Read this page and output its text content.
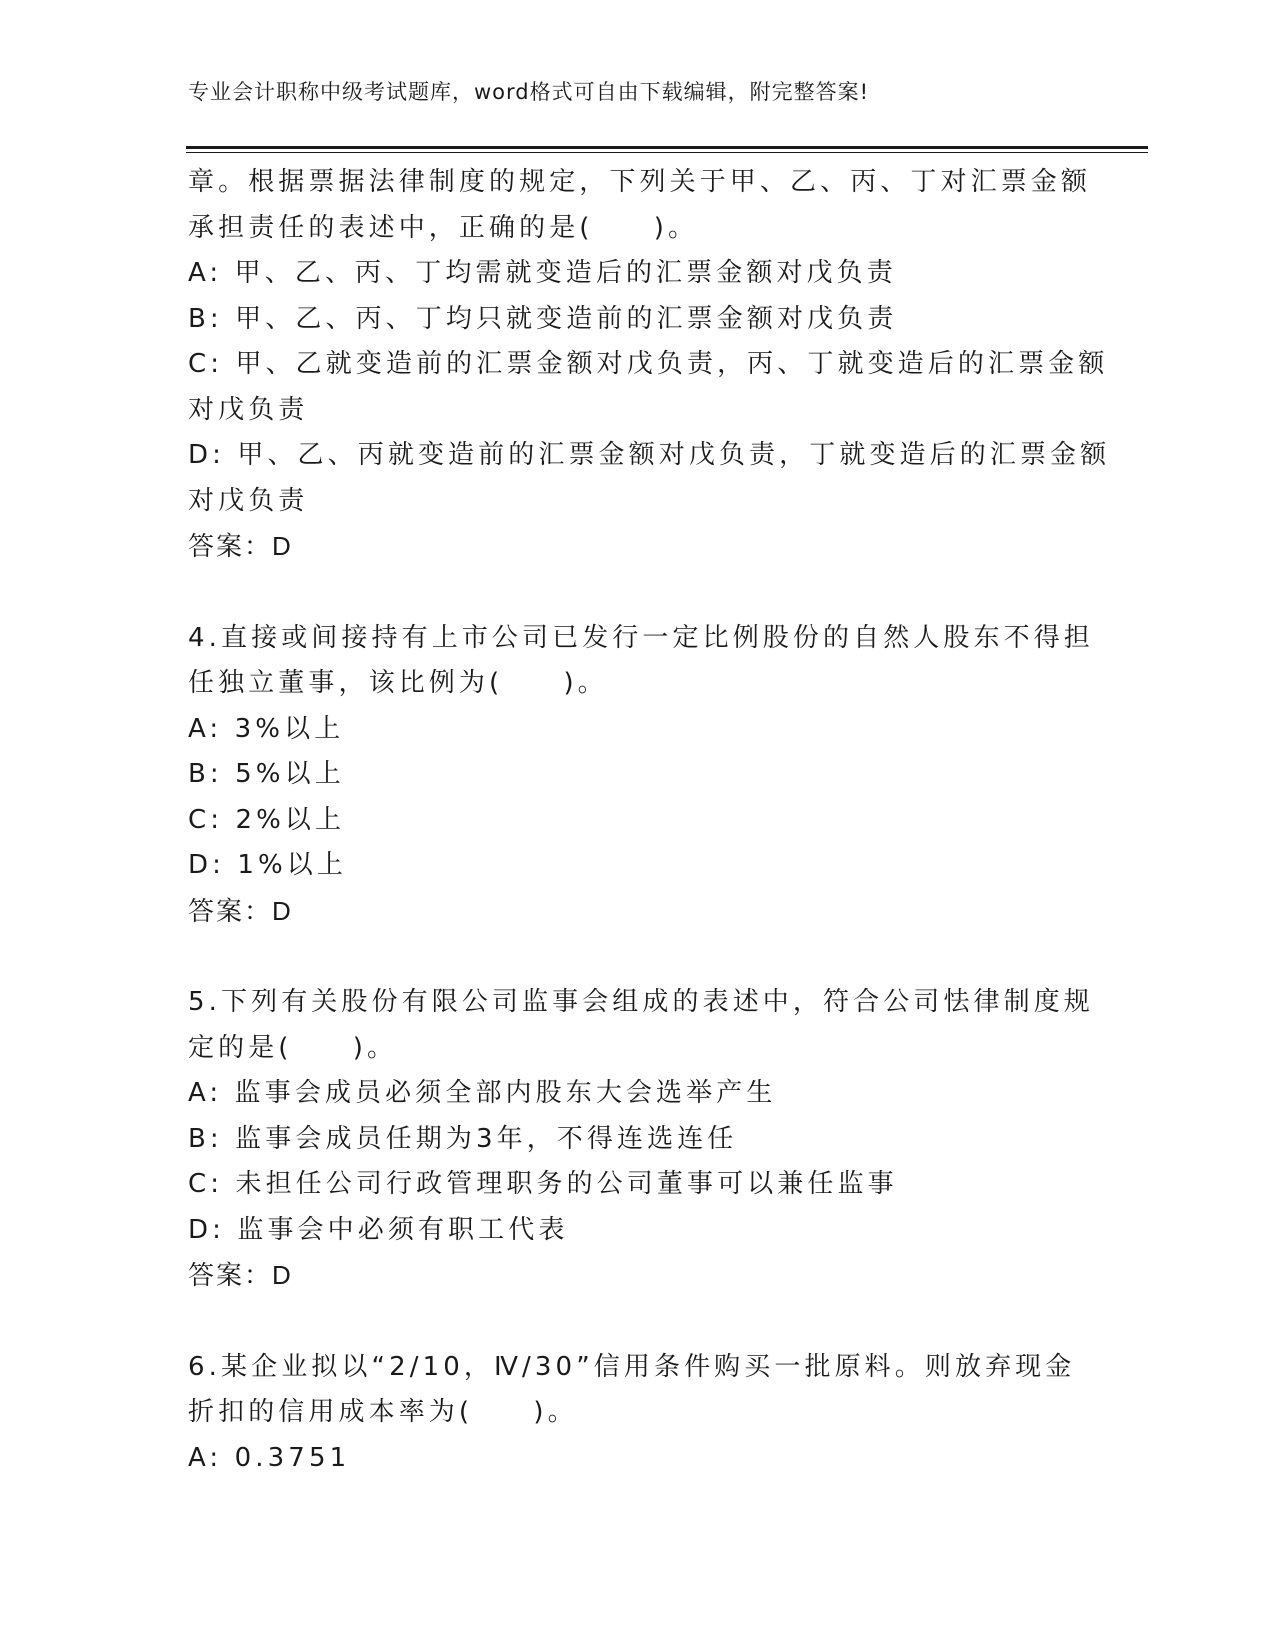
专业会计职称中级考试题库，word格式可自由下载编辑，附完整答案!
章。根据票据法律制度的规定，下列关于甲、乙、丙、丁对汇票金额
承担责任的表述中，正确的是(　　)。
A: 甲、乙、丙、丁均需就变造后的汇票金额对戊负责
B: 甲、乙、丙、丁均只就变造前的汇票金额对戊负责
C: 甲、乙就变造前的汇票金额对戊负责，丙、丁就变造后的汇票金额
对戊负责
D: 甲、乙、丙就变造前的汇票金额对戊负责，丁就变造后的汇票金额
对戊负责
答案：D
4.直接或间接持有上市公司已发行一定比例股份的自然人股东不得担
任独立董事，该比例为(　　)。
A: 3%以上
B: 5%以上
C: 2%以上
D: 1%以上
答案：D
5.下列有关股份有限公司监事会组成的表述中，符合公司怯律制度规
定的是(　　)。
A: 监事会成员必须全部内股东大会选举产生
B: 监事会成员任期为3年，不得连选连任
C: 未担任公司行政管理职务的公司董事可以兼任监事
D: 监事会中必须有职工代表
答案：D
6.某企业拟以“2/10，Ⅳ/30”信用条件购买一批原料。则放弃现金
折扣的信用成本率为(　　)。
A: 0.3751
